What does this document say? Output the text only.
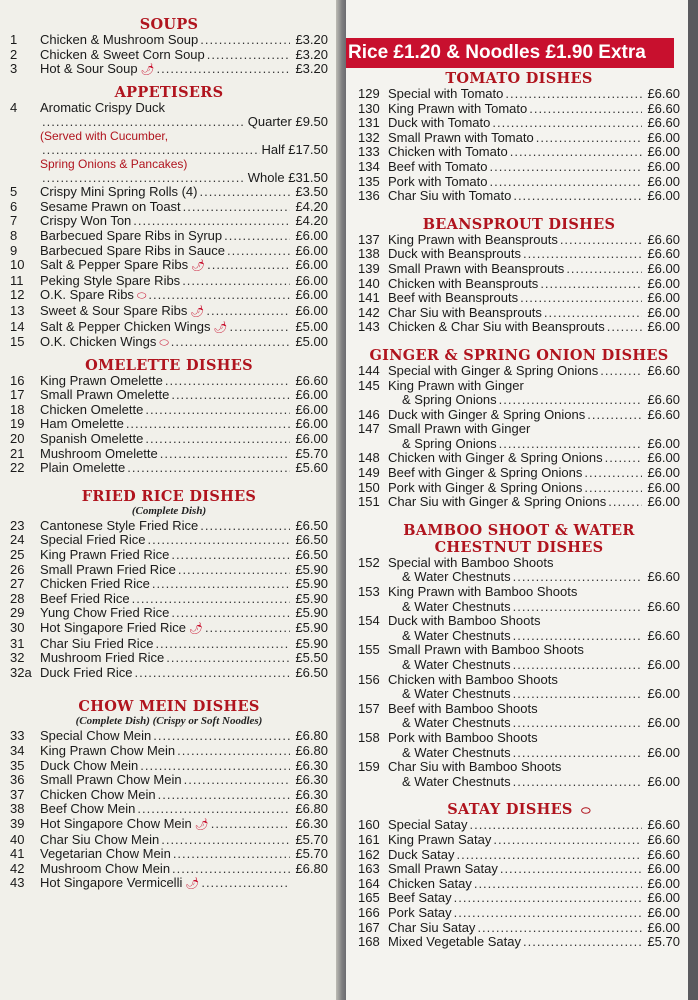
SOUPS
1	Chicken & Mushroom Soup .....	£3.20
2	Chicken & Sweet Corn Soup .....	£3.20
3	Hot & Sour Soup 🌶 .....	£3.20
APPETISERS
4	Aromatic Crispy Duck
.....
Quarter £9.50
(Served with Cucumber,
.....
Half £17.50
Spring Onions & Pancakes)
.....
Whole £31.50
5	Crispy Mini Spring Rolls (4) .....	£3.50
6	Sesame Prawn on Toast .....	£4.20
7	Crispy Won Ton .....	£4.20
8	Barbecued Spare Ribs in Syrup .....	£6.00
9	Barbecued Spare Ribs in Sauce .....	£6.00
10	Salt & Pepper Spare Ribs 🌶 .....	£6.00
11	Peking Style Spare Ribs .....	£6.00
12	O.K. Spare Ribs ⬭ .....	£6.00
13	Sweet & Sour Spare Ribs 🌶 .....	£6.00
14	Salt & Pepper Chicken Wings 🌶 .....	£5.00
15	O.K. Chicken Wings ⬭ .....	£5.00
OMELETTE DISHES
16	King Prawn Omelette .....	£6.60
17	Small Prawn Omelette .....	£6.00
18	Chicken Omelette .....	£6.00
19	Ham Omelette .....	£6.00
20	Spanish Omelette .....	£6.00
21	Mushroom Omelette .....	£5.70
22	Plain Omelette .....	£5.60
FRIED RICE DISHES
(Complete Dish)
23	Cantonese Style Fried Rice .....	£6.50
24	Special Fried Rice .....	£6.50
25	King Prawn Fried Rice .....	£6.50
26	Small Prawn Fried Rice .....	£5.90
27	Chicken Fried Rice .....	£5.90
28	Beef Fried Rice .....	£5.90
29	Yung Chow Fried Rice .....	£5.90
30	Hot Singapore Fried Rice 🌶 .....	£5.90
31	Char Siu Fried Rice .....	£5.90
32	Mushroom Fried Rice .....	£5.50
32a Duck Fried Rice .....	£6.50
CHOW MEIN DISHES
(Complete Dish) (Crispy or Soft Noodles)
33	Special Chow Mein .....	£6.80
34	King Prawn Chow Mein .....	£6.80
35	Duck Chow Mein .....	£6.30
36	Small Prawn Chow Mein .....	£6.30
37	Chicken Chow Mein .....	£6.30
38	Beef Chow Mein .....	£6.80
39	Hot Singapore Chow Mein 🌶 .....	£6.30
40	Char Siu Chow Mein .....	£5.70
41	Vegetarian Chow Mein .....	£5.70
42	Mushroom Chow Mein .....	£6.80
43	Hot Singapore Vermicelli 🌶
.....
TOMATO DISHES
129 Special with Tomato .....	£6.60
130 King Prawn with Tomato .....	£6.60
131 Duck with Tomato .....	£6.60
132 Small Prawn with Tomato .....	£6.00
133 Chicken with Tomato .....	£6.00
134 Beef with Tomato .....	£6.00
135 Pork with Tomato .....	£6.00
136 Char Siu with Tomato .....	£6.00
BEANSPROUT DISHES
137 King Prawn with Beansprouts .....	£6.60
138 Duck with Beansprouts .....	£6.60
139 Small Prawn with Beansprouts .....	£6.00
140 Chicken with Beansprouts .....	£6.00
141 Beef with Beansprouts .....	£6.00
142 Char Siu with Beansprouts .....	£6.00
143 Chicken & Char Siu with Beansprouts .....	£6.00
GINGER & SPRING ONION DISHES
144 Special with Ginger & Spring Onions .....	£6.60
145 King Prawn with Ginger
& Spring Onions .....	£6.60
146 Duck with Ginger & Spring Onions .....	£6.60
147 Small Prawn with Ginger
& Spring Onions .....	£6.00
148 Chicken with Ginger & Spring Onions .....	£6.00
149 Beef with Ginger & Spring Onions .....	£6.00
150 Pork with Ginger & Spring Onions .....	£6.00
151 Char Siu with Ginger & Spring Onions .....	£6.00
BAMBOO SHOOT & WATER
CHESTNUT DISHES
152 Special with Bamboo Shoots
& Water Chestnuts .....	£6.60
153 King Prawn with Bamboo Shoots
& Water Chestnuts .....	£6.60
154 Duck with Bamboo Shoots
& Water Chestnuts .....	£6.60
155 Small Prawn with Bamboo Shoots
& Water Chestnuts .....	£6.00
156 Chicken with Bamboo Shoots
& Water Chestnuts .....	£6.00
157 Beef with Bamboo Shoots
& Water Chestnuts .....	£6.00
158 Pork with Bamboo Shoots
& Water Chestnuts .....	£6.00
159 Char Siu with Bamboo Shoots
& Water Chestnuts .....	£6.00
SATAY DISHES ⬭
160 Special Satay .....	£6.60
161 King Prawn Satay .....	£6.60
162 Duck Satay .....	£6.60
163 Small Prawn Satay .....	£6.00
164 Chicken Satay .....	£6.00
165 Beef Satay .....	£6.00
166 Pork Satay .....	£6.00
167 Char Siu Satay .....	£6.00
168 Mixed Vegetable Satay .....	£5.70
Rice £1.20 & Noodles £1.90 Extra
